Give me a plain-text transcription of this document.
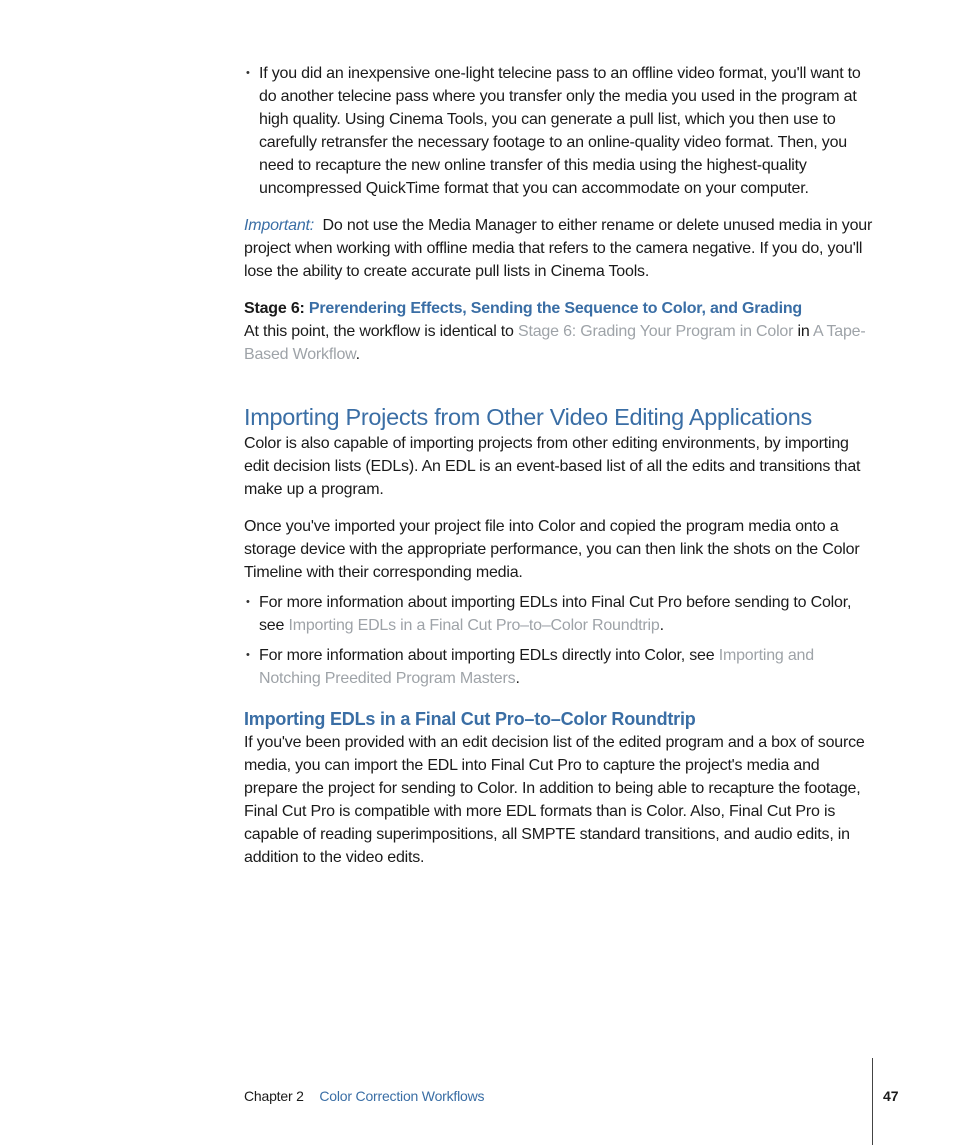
• If you did an inexpensive one-light telecine pass to an offline video format, you'll want to do another telecine pass where you transfer only the media you used in the program at high quality. Using Cinema Tools, you can generate a pull list, which you then use to carefully retransfer the necessary footage to an online-quality video format. Then, you need to recapture the new online transfer of this media using the highest-quality uncompressed QuickTime format that you can accommodate on your computer.

Important: Do not use the Media Manager to either rename or delete unused media in your project when working with offline media that refers to the camera negative. If you do, you'll lose the ability to create accurate pull lists in Cinema Tools.

Stage 6: Prerendering Effects, Sending the Sequence to Color, and Grading

At this point, the workflow is identical to Stage 6: Grading Your Program in Color in A Tape-Based Workflow.

Importing Projects from Other Video Editing Applications

Color is also capable of importing projects from other editing environments, by importing edit decision lists (EDLs). An EDL is an event-based list of all the edits and transitions that make up a program.

Once you've imported your project file into Color and copied the program media onto a storage device with the appropriate performance, you can then link the shots on the Color Timeline with their corresponding media.

• For more information about importing EDLs into Final Cut Pro before sending to Color, see Importing EDLs in a Final Cut Pro–to–Color Roundtrip.
• For more information about importing EDLs directly into Color, see Importing and Notching Preedited Program Masters.
Importing EDLs in a Final Cut Pro–to–Color Roundtrip

If you've been provided with an edit decision list of the edited program and a box of source media, you can import the EDL into Final Cut Pro to capture the project's media and prepare the project for sending to Color. In addition to being able to recapture the footage, Final Cut Pro is compatible with more EDL formats than is Color. Also, Final Cut Pro is capable of reading superimpositions, all SMPTE standard transitions, and audio edits, in addition to the video edits.

Chapter 2 Color Correction Workflows	47
